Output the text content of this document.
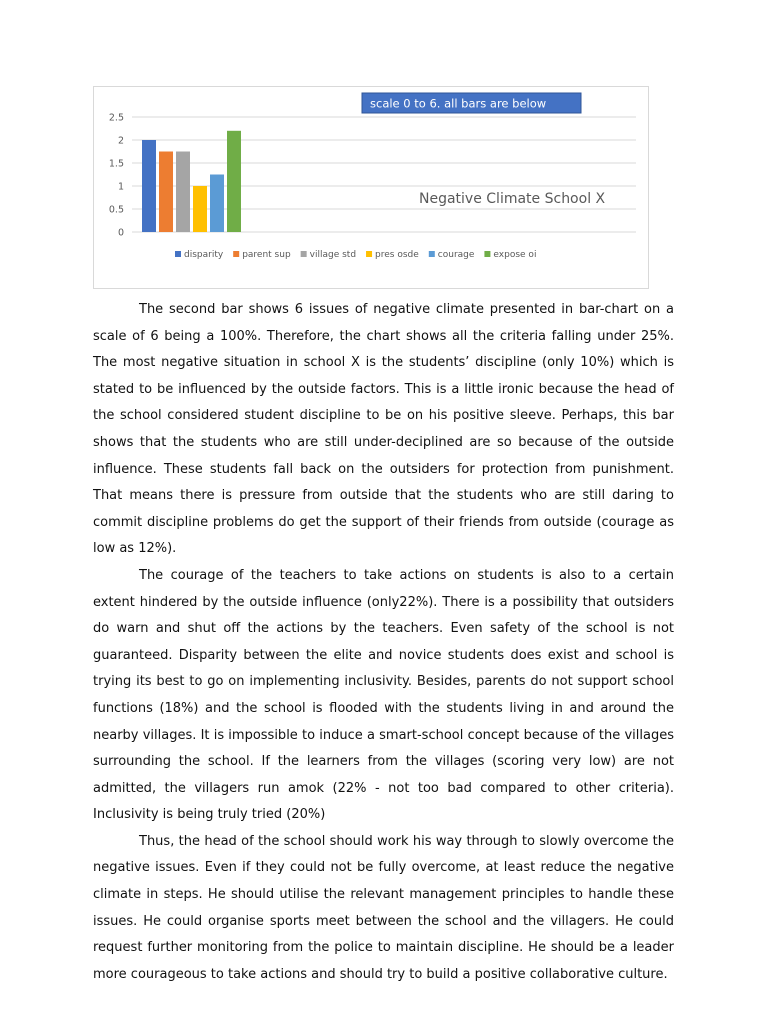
0
0.5
1
1.5
2
2.5
scale 0 to 6. all bars are below
Negative Climate School X
disparity parent sup village std pres osde courage expose oi

The second bar shows 6 issues of negative climate presented in bar-chart on a scale of 6 being a 100%. Therefore, the chart shows all the criteria falling under 25%. The most negative situation in school X is the students’ discipline (only 10%) which is stated to be influenced by the outside factors. This is a little ironic because the head of the school considered student discipline to be on his positive sleeve. Perhaps, this bar shows that the students who are still under-deciplined are so because of the outside influence. These students fall back on the outsiders for protection from punishment. That means there is pressure from outside that the students who are still daring to commit discipline problems do get the support of their friends from outside (courage as low as 12%).

The courage of the teachers to take actions on students is also to a certain extent hindered by the outside influence (only22%). There is a possibility that outsiders do warn and shut off the actions by the teachers. Even safety of the school is not guaranteed. Disparity between the elite and novice students does exist and school is trying its best to go on implementing inclusivity. Besides, parents do not support school functions (18%) and the school is flooded with the students living in and around the nearby villages. It is impossible to induce a smart-school concept because of the villages surrounding the school. If the learners from the villages (scoring very low) are not admitted, the villagers run amok (22% - not too bad compared to other criteria). Inclusivity is being truly tried (20%)

Thus, the head of the school should work his way through to slowly overcome the negative issues. Even if they could not be fully overcome, at least reduce the negative climate in steps. He should utilise the relevant management principles to handle these issues. He could organise sports meet between the school and the villagers. He could request further monitoring from the police to maintain discipline. He should be a leader more courageous to take actions and should try to build a positive collaborative culture.
